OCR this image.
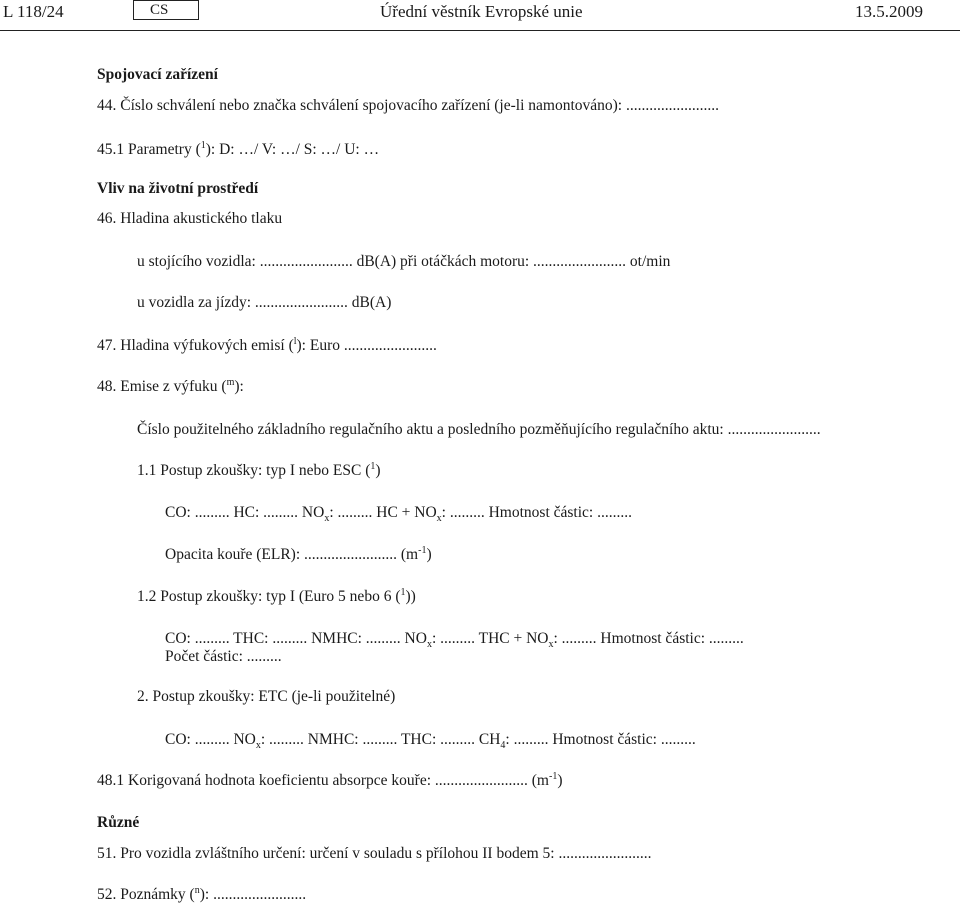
L 118/24	CS	Úřední věstník Evropské unie	13.5.2009
Spojovací zařízení
44. Číslo schválení nebo značka schválení spojovacího zařízení (je-li namontováno): ........................
45.1 Parametry ($^1$): D: …/ V: …/ S: …/ U: …
Vliv na životní prostředí
46. Hladina akustického tlaku
u stojícího vozidla: ........................ dB(A) při otáčkách motoru: ........................ ot/min
u vozidla za jízdy: ........................ dB(A)
47. Hladina výfukových emisí ($^l$): Euro ........................
48. Emise z výfuku ($^m$):
Číslo použitelného základního regulačního aktu a posledního pozměňujícího regulačního aktu: ........................
1.1 Postup zkoušky: typ I nebo ESC ($^1$)
CO: ......... HC: ......... $NO_x$: ......... HC + $NO_x$: ......... Hmotnost částic: .........
Opacita kouře (ELR): ........................ $(m^{-1})$
1.2 Postup zkoušky: typ I (Euro 5 nebo 6 ($^1$))
CO: ......... THC: ......... NMHC: ......... $NO_x$: ......... THC + $NO_x$: ......... Hmotnost částic: .........
Počet částic: .........
2. Postup zkoušky: ETC (je-li použitelné)
CO: ......... $NO_x$: ......... NMHC: ......... THC: ......... $CH_4$: ......... Hmotnost částic: .........
48.1 Korigovaná hodnota koeficientu absorpce kouře: ........................ $(m^{-1})$
Různé
51. Pro vozidla zvláštního určení: určení v souladu s přílohou II bodem 5: ........................
52. Poznámky ($^n$): ........................
